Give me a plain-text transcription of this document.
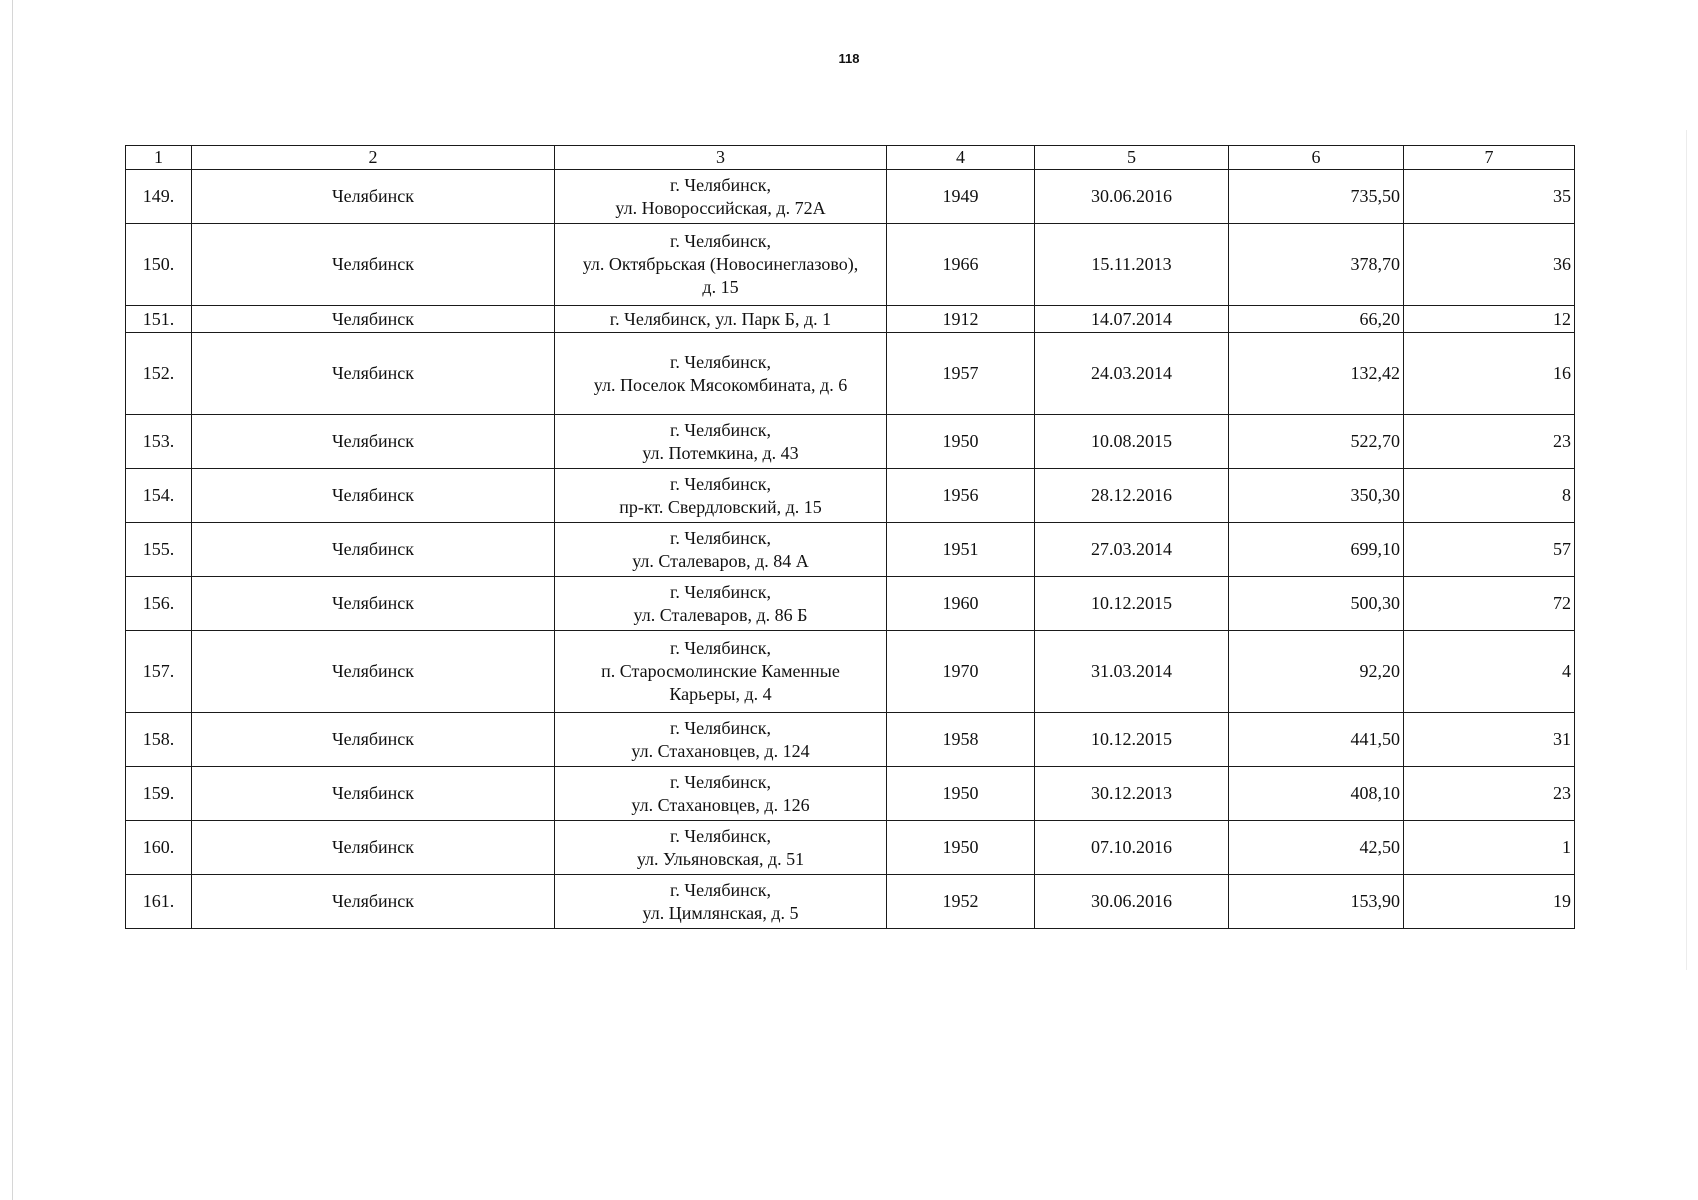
118
1	2	3	4	5	6	7
149.	Челябинск	г. Челябинск,
ул. Новороссийская, д. 72А	1949	30.06.2016	735,50	35
150.	Челябинск	г. Челябинск,
ул. Октябрьская (Новосинеглазово),
д. 15	1966	15.11.2013	378,70	36
151.	Челябинск	г. Челябинск, ул. Парк Б, д. 1	1912	14.07.2014	66,20	12
152.	Челябинск	г. Челябинск,
ул. Поселок Мясокомбината, д. 6	1957	24.03.2014	132,42	16
153.	Челябинск	г. Челябинск,
ул. Потемкина, д. 43	1950	10.08.2015	522,70	23
154.	Челябинск	г. Челябинск,
пр-кт. Свердловский, д. 15	1956	28.12.2016	350,30	8
155.	Челябинск	г. Челябинск,
ул. Сталеваров, д. 84 А	1951	27.03.2014	699,10	57
156.	Челябинск	г. Челябинск,
ул. Сталеваров, д. 86 Б	1960	10.12.2015	500,30	72
157.	Челябинск	г. Челябинск,
п. Старосмолинские Каменные
Карьеры, д. 4	1970	31.03.2014	92,20	4
158.	Челябинск	г. Челябинск,
ул. Стахановцев, д. 124	1958	10.12.2015	441,50	31
159.	Челябинск	г. Челябинск,
ул. Стахановцев, д. 126	1950	30.12.2013	408,10	23
160.	Челябинск	г. Челябинск,
ул. Ульяновская, д. 51	1950	07.10.2016	42,50	1
161.	Челябинск	г. Челябинск,
ул. Цимлянская, д. 5	1952	30.06.2016	153,90	19
